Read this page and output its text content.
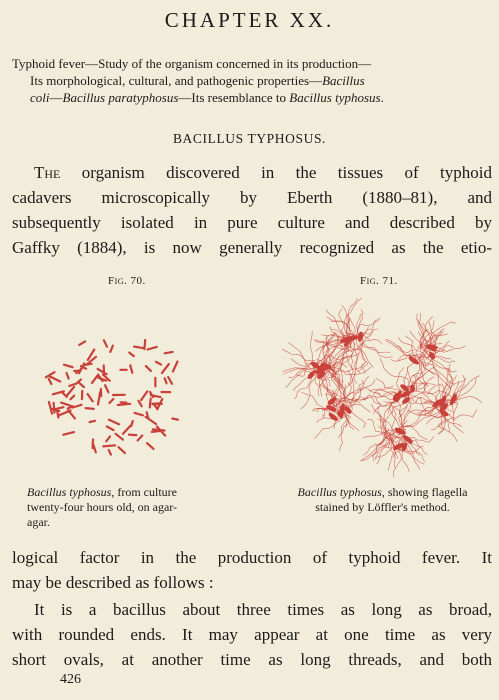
CHAPTER XX.
Typhoid fever—Study of the organism concerned in its production—
Its morphological, cultural, and pathogenic properties—Bacillus
coli—Bacillus paratyphosus—Its resemblance to Bacillus typhosus.
BACILLUS TYPHOSUS.
The organism discovered in the tissues of typhoid
cadavers microscopically by Eberth (1880–81), and
subsequently isolated in pure culture and described by
Gaffky (1884), is now generally recognized as the etio-
Fig. 70.	Fig. 71.
Bacillus typhosus, from culture
twenty-four hours old, on agar-
agar.
Bacillus typhosus, showing flagella
stained by Löffler's method.
logical factor in the production of typhoid fever. It
may be described as follows :
It is a bacillus about three times as long as broad,
with rounded ends. It may appear at one time as very
short ovals, at another time as long threads, and both
426
